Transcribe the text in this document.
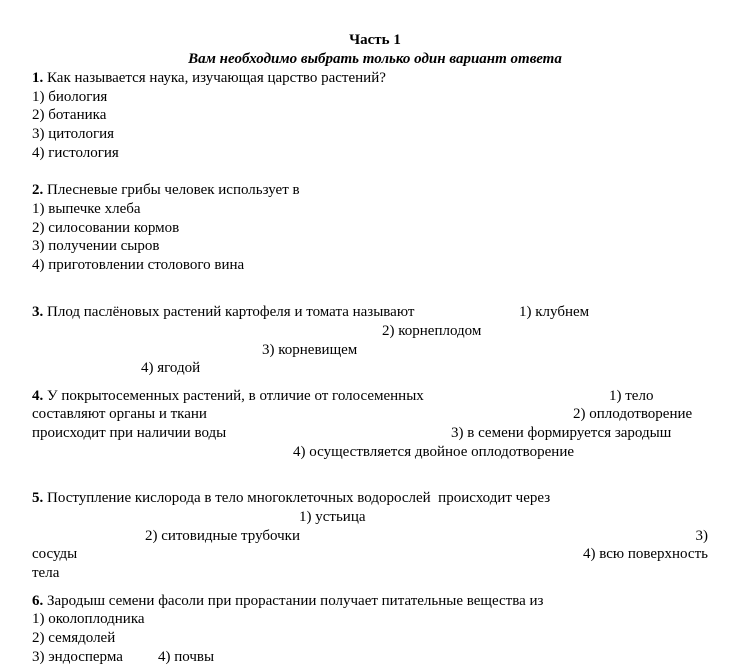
Часть 1
Вам необходимо выбрать только один вариант ответа
1. Как называется наука, изучающая царство растений?
1) биология
2) ботаника
3) цитология
4) гистология
2. Плесневые грибы человек использует в
1) выпечке хлеба
2) силосовании кормов
3) получении сыров
4) приготовлении столового вина
3. Плод паслёновых растений картофеля и томата называют	1) клубнем
2) корнеплодом
3) корневищем
4) ягодой
4. У покрытосеменных растений, в отличие от голосеменных	1) тело
составляют органы и ткани	2) оплодотворение
происходит при наличии воды	3) в семени формируется зародыш
4) осуществляется двойное оплодотворение
5. Поступление кислорода в тело многоклеточных водорослей  происходит через
1) устьица
2) ситовидные трубочки	3)
сосуды	4) всю поверхность
тела
6. Зародыш семени фасоли при прорастании получает питательные вещества из
1) околоплодника
2) семядолей
3) эндосперма 4) почвы
